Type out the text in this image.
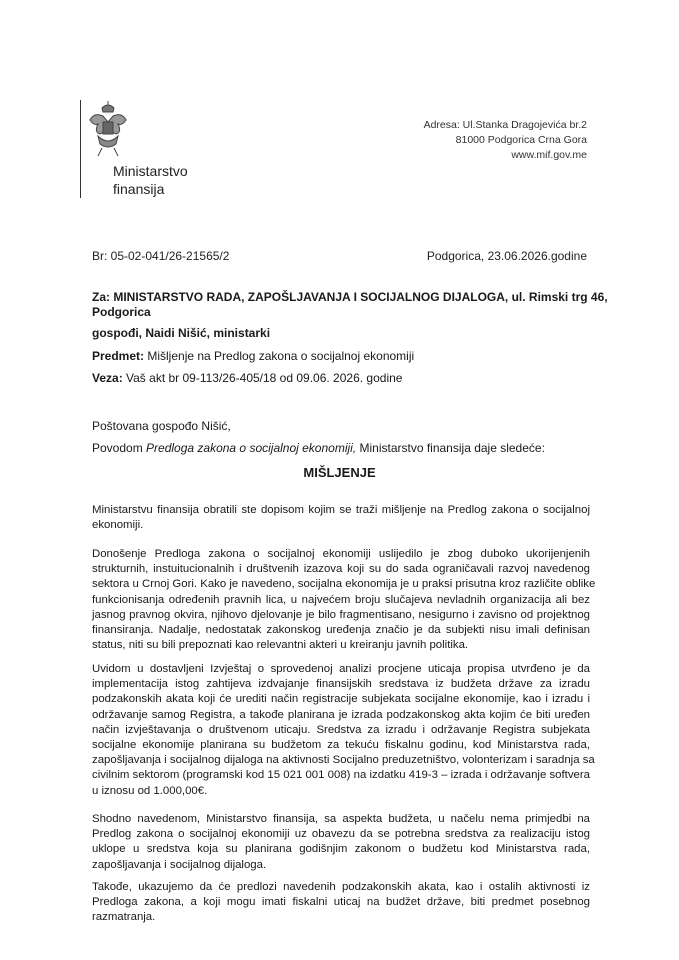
Ministarstvo
finansija
Adresa: Ul.Stanka Dragojevića br.2
81000 Podgorica Crna Gora
www.mif.gov.me
Br: 05-02-041/26-21565/2	Podgorica, 23.06.2026.godine
Za: MINISTARSTVO RADA, ZAPOŠLJAVANJA I SOCIJALNOG DIJALOGA, ul. Rimski trg 46,
Podgorica
gospođi, Naidi Nišić, ministarki
Predmet: Mišljenje na Predlog zakona o socijalnoj ekonomiji
Veza: Vaš akt br 09-113/26-405/18 od 09.06. 2026. godine
Poštovana gospođo Nišić,
Povodom Predloga zakona o socijalnoj ekonomiji, Ministarstvo finansija daje sledeće:
MIŠLJENJE
Ministarstvu finansija obratili ste dopisom kojim se traži mišljenje na Predlog zakona o socijalnoj
ekonomiji.
Donošenje Predloga zakona o socijalnoj ekonomiji uslijedilo je zbog duboko ukorijenjenih
strukturnih, instuitucionalnih i društvenih izazova koji su do sada ograničavali razvoj navedenog
sektora u Crnoj Gori. Kako je navedeno, socijalna ekonomija je u praksi prisutna kroz različite oblike
funkcionisanja određenih pravnih lica, u najvećem broju slučajeva nevladnih organizacija ali bez
jasnog pravnog okvira, njihovo djelovanje je bilo fragmentisano, nesigurno i zavisno od projektnog
finansiranja. Nadalje, nedostatak zakonskog uređenja značio je da subjekti nisu imali definisan
status, niti su bili prepoznati kao relevantni akteri u kreiranju javnih politika.
Uvidom u dostavljeni Izvještaj o sprovedenoj analizi procjene uticaja propisa utvrđeno je da
implementacija istog zahtijeva izdvajanje finansijskih sredstava iz budžeta države za izradu
podzakonskih akata koji će urediti način registracije subjekata socijalne ekonomije, kao i izradu i
održavanje samog Registra, a takođe planirana je izrada podzakonskog akta kojim će biti uređen
način izvještavanja o društvenom uticaju. Sredstva za izradu i održavanje Registra subjekata
socijalne ekonomije planirana su budžetom za tekuću fiskalnu godinu, kod Ministarstva rada,
zapošljavanja i socijalnog dijaloga na aktivnosti Socijalno preduzetništvo, volonterizam i saradnja sa
civilnim sektorom (programski kod 15 021 001 008) na izdatku 419-3 – izrada i održavanje softvera
u iznosu od 1.000,00€.
Shodno navedenom, Ministarstvo finansija, sa aspekta budžeta, u načelu nema primjedbi na
Predlog zakona o socijalnoj ekonomiji uz obavezu da se potrebna sredstva za realizaciju istog
uklope u sredstva koja su planirana godišnjim zakonom o budžetu kod Ministarstva rada,
zapošljavanja i socijalnog dijaloga.
Takođe, ukazujemo da će predlozi navedenih podzakonskih akata, kao i ostalih aktivnosti iz
Predloga zakona, a koji mogu imati fiskalni uticaj na budžet države, biti predmet posebnog
razmatranja.
